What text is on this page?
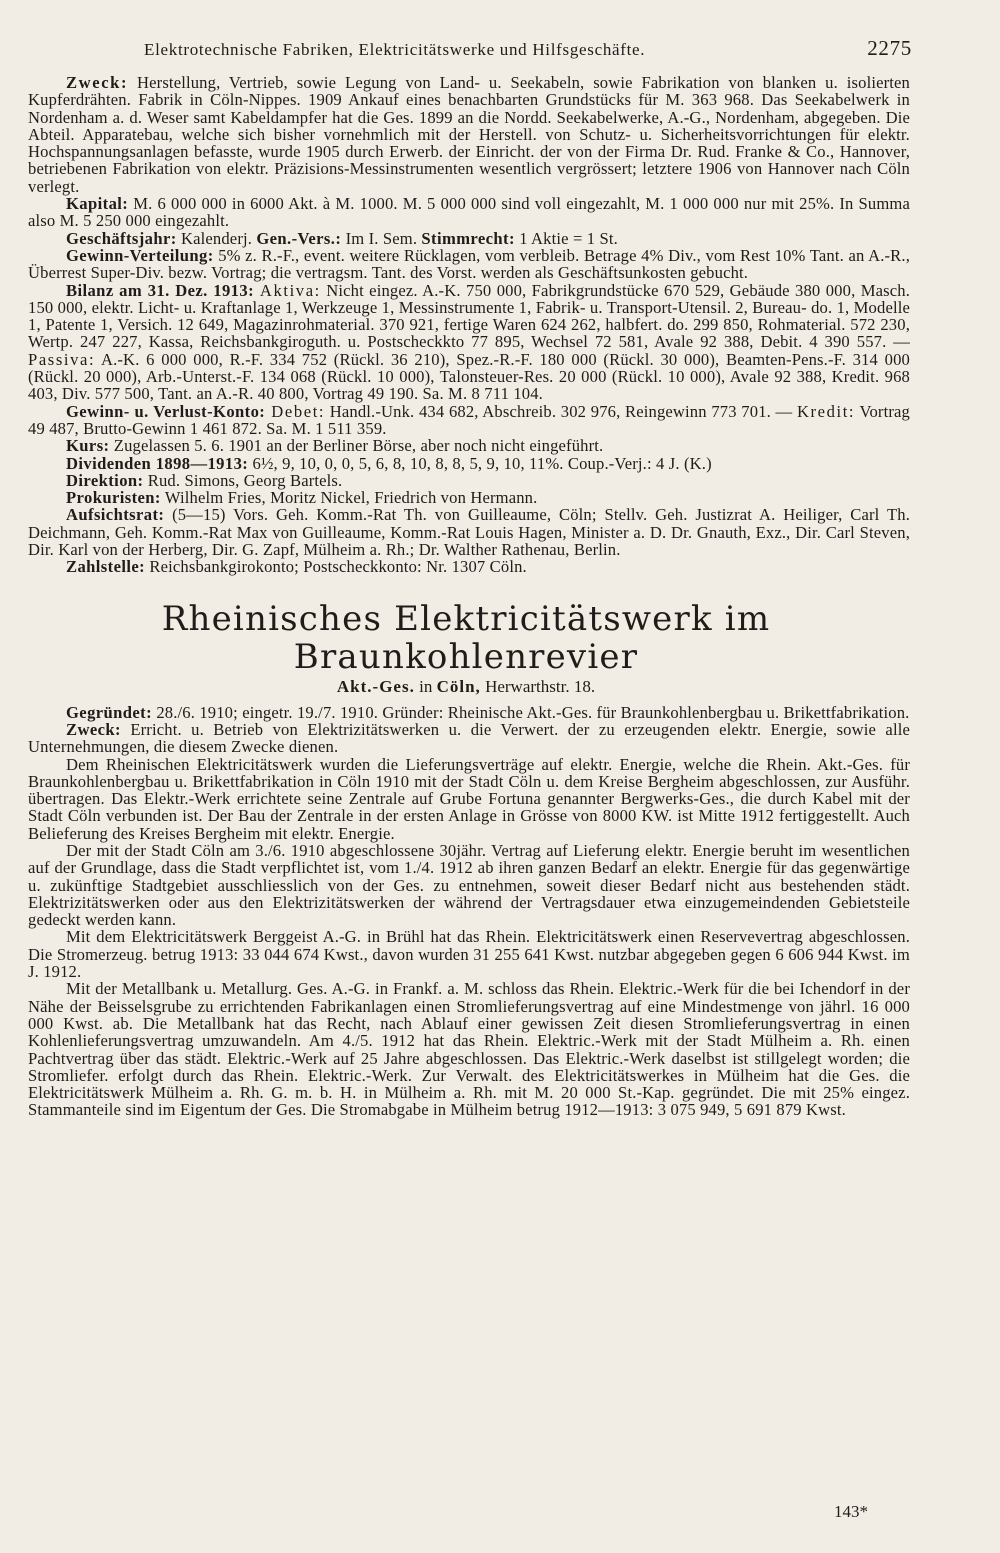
Elektrotechnische Fabriken, Elektricitätswerke und Hilfsgeschäfte.	2275

Zweck: Herstellung, Vertrieb, sowie Legung von Land- u. Seekabeln, sowie Fabrikation von blanken u. isolierten Kupferdrähten. Fabrik in Cöln-Nippes. 1909 Ankauf eines benachbarten Grundstücks für M. 363 968. Das Seekabelwerk in Nordenham a. d. Weser samt Kabeldampfer hat die Ges. 1899 an die Nordd. Seekabelwerke, A.-G., Nordenham, abgegeben. Die Abteil. Apparatebau, welche sich bisher vornehmlich mit der Herstell. von Schutz- u. Sicherheitsvorrichtungen für elektr. Hochspannungsanlagen befasste, wurde 1905 durch Erwerb. der Einricht. der von der Firma Dr. Rud. Franke & Co., Hannover, betriebenen Fabrikation von elektr. Präzisions-Messinstrumenten wesentlich vergrössert; letztere 1906 von Hannover nach Cöln verlegt.

Kapital: M. 6 000 000 in 6000 Akt. à M. 1000. M. 5 000 000 sind voll eingezahlt, M. 1 000 000 nur mit 25%. In Summa also M. 5 250 000 eingezahlt.

Geschäftsjahr: Kalenderj. Gen.-Vers.: Im I. Sem. Stimmrecht: 1 Aktie = 1 St.

Gewinn-Verteilung: 5% z. R.-F., event. weitere Rücklagen, vom verbleib. Betrage 4% Div., vom Rest 10% Tant. an A.-R., Überrest Super-Div. bezw. Vortrag; die vertragsm. Tant. des Vorst. werden als Geschäftsunkosten gebucht.

Bilanz am 31. Dez. 1913: Aktiva: Nicht eingez. A.-K. 750 000, Fabrikgrundstücke 670 529, Gebäude 380 000, Masch. 150 000, elektr. Licht- u. Kraftanlage 1, Werkzeuge 1, Messinstrumente 1, Fabrik- u. Transport-Utensil. 2, Bureau- do. 1, Modelle 1, Patente 1, Versich. 12 649, Magazinrohmaterial. 370 921, fertige Waren 624 262, halbfert. do. 299 850, Rohmaterial. 572 230, Wertp. 247 227, Kassa, Reichsbankgiroguth. u. Postscheckkto 77 895, Wechsel 72 581, Avale 92 388, Debit. 4 390 557. — Passiva: A.-K. 6 000 000, R.-F. 334 752 (Rückl. 36 210), Spez.-R.-F. 180 000 (Rückl. 30 000), Beamten-Pens.-F. 314 000 (Rückl. 20 000), Arb.-Unterst.-F. 134 068 (Rückl. 10 000), Talonsteuer-Res. 20 000 (Rückl. 10 000), Avale 92 388, Kredit. 968 403, Div. 577 500, Tant. an A.-R. 40 800, Vortrag 49 190. Sa. M. 8 711 104.

Gewinn- u. Verlust-Konto: Debet: Handl.-Unk. 434 682, Abschreib. 302 976, Reingewinn 773 701. — Kredit: Vortrag 49 487, Brutto-Gewinn 1 461 872. Sa. M. 1 511 359.

Kurs: Zugelassen 5. 6. 1901 an der Berliner Börse, aber noch nicht eingeführt.

Dividenden 1898—1913: 6½, 9, 10, 0, 0, 5, 6, 8, 10, 8, 8, 5, 9, 10, 11%. Coup.-Verj.: 4 J. (K.)

Direktion: Rud. Simons, Georg Bartels.

Prokuristen: Wilhelm Fries, Moritz Nickel, Friedrich von Hermann.

Aufsichtsrat: (5—15) Vors. Geh. Komm.-Rat Th. von Guilleaume, Cöln; Stellv. Geh. Justizrat A. Heiliger, Carl Th. Deichmann, Geh. Komm.-Rat Max von Guilleaume, Komm.-Rat Louis Hagen, Minister a. D. Dr. Gnauth, Exz., Dir. Carl Steven, Dir. Karl von der Herberg, Dir. G. Zapf, Mülheim a. Rh.; Dr. Walther Rathenau, Berlin.

Zahlstelle: Reichsbankgirokonto; Postscheckkonto: Nr. 1307 Cöln.

Rheinisches Elektricitätswerk im Braunkohlenrevier
Akt.-Ges. in Cöln, Herwarthstr. 18.

Gegründet: 28./6. 1910; eingetr. 19./7. 1910. Gründer: Rheinische Akt.-Ges. für Braunkohlenbergbau u. Brikettfabrikation.

Zweck: Erricht. u. Betrieb von Elektrizitätswerken u. die Verwert. der zu erzeugenden elektr. Energie, sowie alle Unternehmungen, die diesem Zwecke dienen.

Dem Rheinischen Elektricitätswerk wurden die Lieferungsverträge auf elektr. Energie, welche die Rhein. Akt.-Ges. für Braunkohlenbergbau u. Brikettfabrikation in Cöln 1910 mit der Stadt Cöln u. dem Kreise Bergheim abgeschlossen, zur Ausführ. übertragen. Das Elektr.-Werk errichtete seine Zentrale auf Grube Fortuna genannter Bergwerks-Ges., die durch Kabel mit der Stadt Cöln verbunden ist. Der Bau der Zentrale in der ersten Anlage in Grösse von 8000 KW. ist Mitte 1912 fertiggestellt. Auch Belieferung des Kreises Bergheim mit elektr. Energie.

Der mit der Stadt Cöln am 3./6. 1910 abgeschlossene 30jähr. Vertrag auf Lieferung elektr. Energie beruht im wesentlichen auf der Grundlage, dass die Stadt verpflichtet ist, vom 1./4. 1912 ab ihren ganzen Bedarf an elektr. Energie für das gegenwärtige u. zukünftige Stadtgebiet ausschliesslich von der Ges. zu entnehmen, soweit dieser Bedarf nicht aus bestehenden städt. Elektrizitätswerken oder aus den Elektrizitätswerken der während der Vertragsdauer etwa einzugemeindenden Gebietsteile gedeckt werden kann.

Mit dem Elektricitätswerk Berggeist A.-G. in Brühl hat das Rhein. Elektricitätswerk einen Reservevertrag abgeschlossen. Die Stromerzeug. betrug 1913: 33 044 674 Kwst., davon wurden 31 255 641 Kwst. nutzbar abgegeben gegen 6 606 944 Kwst. im J. 1912.

Mit der Metallbank u. Metallurg. Ges. A.-G. in Frankf. a. M. schloss das Rhein. Elektric.-Werk für die bei Ichendorf in der Nähe der Beisselsgrube zu errichtenden Fabrikanlagen einen Stromlieferungsvertrag auf eine Mindestmenge von jährl. 16 000 000 Kwst. ab. Die Metallbank hat das Recht, nach Ablauf einer gewissen Zeit diesen Stromlieferungsvertrag in einen Kohlenlieferungsvertrag umzuwandeln. Am 4./5. 1912 hat das Rhein. Elektric.-Werk mit der Stadt Mülheim a. Rh. einen Pachtvertrag über das städt. Elektric.-Werk auf 25 Jahre abgeschlossen. Das Elektric.-Werk daselbst ist stillgelegt worden; die Stromliefer. erfolgt durch das Rhein. Elektric.-Werk. Zur Verwalt. des Elektricitätswerkes in Mülheim hat die Ges. die Elektricitätswerk Mülheim a. Rh. G. m. b. H. in Mülheim a. Rh. mit M. 20 000 St.-Kap. gegründet. Die mit 25% eingez. Stammanteile sind im Eigentum der Ges. Die Stromabgabe in Mülheim betrug 1912—1913: 3 075 949, 5 691 879 Kwst.

143*
